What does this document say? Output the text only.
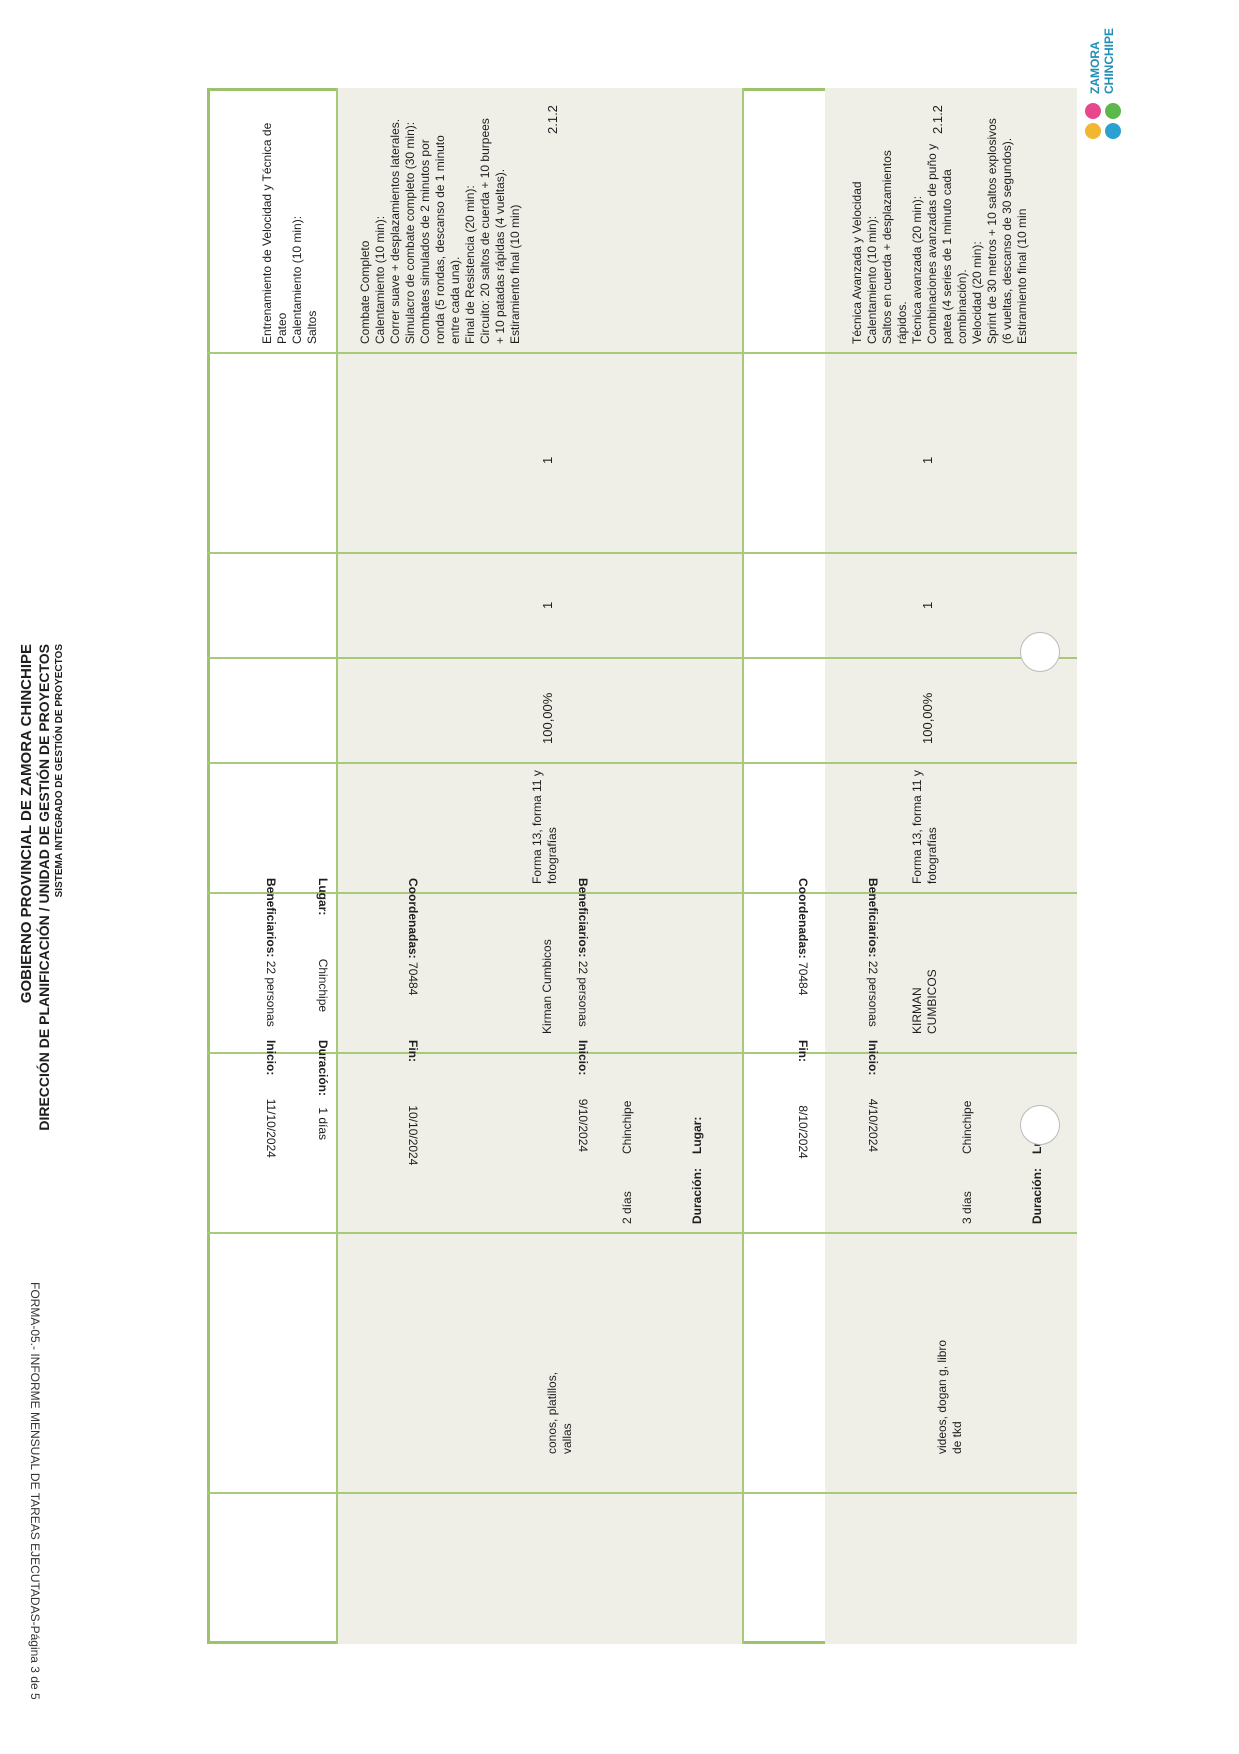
GOBIERNO PROVINCIAL DE ZAMORA CHINCHIPE DIRECCIÓN DE PLANIFICACIÓN / UNIDAD DE GESTIÓN DE PROYECTOS SISTEMA INTEGRADO DE GESTIÓN DE PROYECTOS
ZAMORA CHINCHIPE
2.1.2
Técnica Avanzada y Velocidad
Calentamiento (10 min):
Saltos en cuerda + desplazamientos
rápidos.
Técnica avanzada (20 min):
Combinaciones avanzadas de puño y
patea (4 series de 1 minuto cada
combinación).
Velocidad (20 min):
Sprint de 30 metros + 10 saltos explosivos
(6 vueltas, descanso de 30 segundos).
Estiramiento final (10 min
1
1
100,00%
Forma 13, forma 11 y
fotografías
KIRMAN
CUMBICOS
Chinchipe
Duración:
3 días
videos, dogan g, libro
de tkd
2.1.2
Combate Completo
Calentamiento (10 min):
Correr suave + desplazamientos laterales.
Simulacro de combate completo (30 min):
Combates simulados de 2 minutos por
ronda (5 rondas, descanso de 1 minuto
entre cada una).
Final de Resistencia (20 min):
Circuito: 20 saltos de cuerda + 10 burpees
+ 10 patadas rápidas (4 vueltas).
Estiramiento final (10 min)
1
1
100,00%
Forma 13, forma 11 y
fotografías
Kirman Cumbicos
Lugar:
Chinchipe
Duración:
2 días
conos, platillos,
vallas
Entrenamiento de Velocidad y Técnica de
Pateo
Calentamiento (10 min):
Saltos
Beneficiarios: 22 personas
Coordenadas: 70484
Inicio: 4/10/2024
Fin: 8/10/2024
Beneficiarios: 22 personas
Coordenadas: 70484
Inicio: 9/10/2024
Fin: 10/10/2024
Lugar: Chinchipe
Beneficiarios: 22 personas
Duración: 1 días
Inicio: 11/10/2024
FORMA-05.- INFORME MENSUAL DE TAREAS EJECUTADAS-Página 3 de 5
